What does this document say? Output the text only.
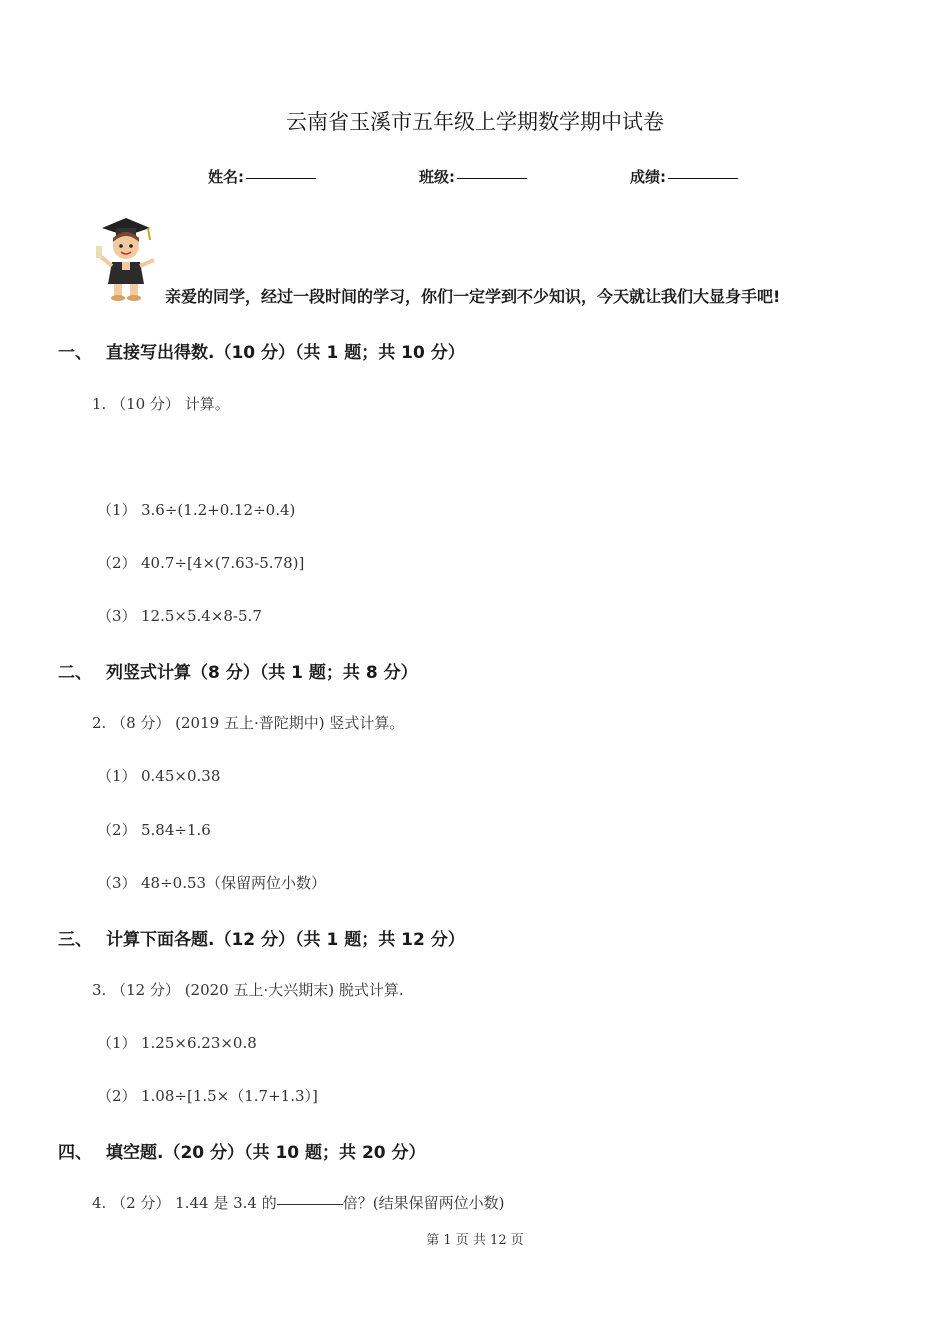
云南省玉溪市五年级上学期数学期中试卷
姓名:	班级:	成绩:
亲爱的同学，经过一段时间的学习，你们一定学到不少知识，今天就让我们大显身手吧!
一、 直接写出得数.（10 分）（共 1 题；共 10 分）
1. （10 分） 计算。
（1） 3.6÷(1.2+0.12÷0.4)
（2） 40.7÷[4×(7.63-5.78)]
（3） 12.5×5.4×8-5.7
二、 列竖式计算（8 分）（共 1 题；共 8 分）
2. （8 分） (2019 五上·普陀期中) 竖式计算。
（1） 0.45×0.38
（2） 5.84÷1.6
（3） 48÷0.53（保留两位小数）
三、 计算下面各题.（12 分）（共 1 题；共 12 分）
3. （12 分） (2020 五上·大兴期末) 脱式计算.
（1） 1.25×6.23×0.8
（2） 1.08÷[1.5×（1.7+1.3）]
四、 填空题.（20 分）（共 10 题；共 20 分）
4. （2 分） 1.44 是 3.4 的	倍？(结果保留两位小数)
第 1 页 共 12 页
